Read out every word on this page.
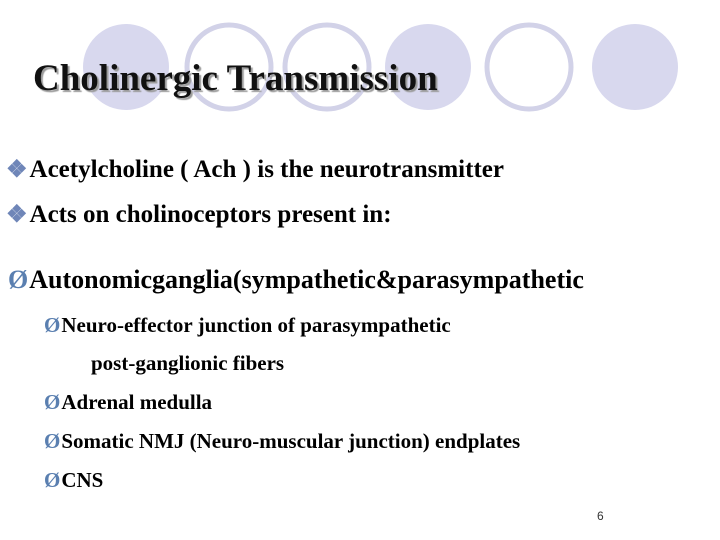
Cholinergic Transmission

❖Acetylcholine ( Ach ) is the neurotransmitter

❖Acts on cholinoceptors present in:

ØAutonomicganglia(sympathetic&parasympathetic

ØNeuro-effector junction of parasympathetic

post-ganglionic fibers

ØAdrenal medulla

ØSomatic NMJ (Neuro-muscular junction) endplates

ØCNS

6
